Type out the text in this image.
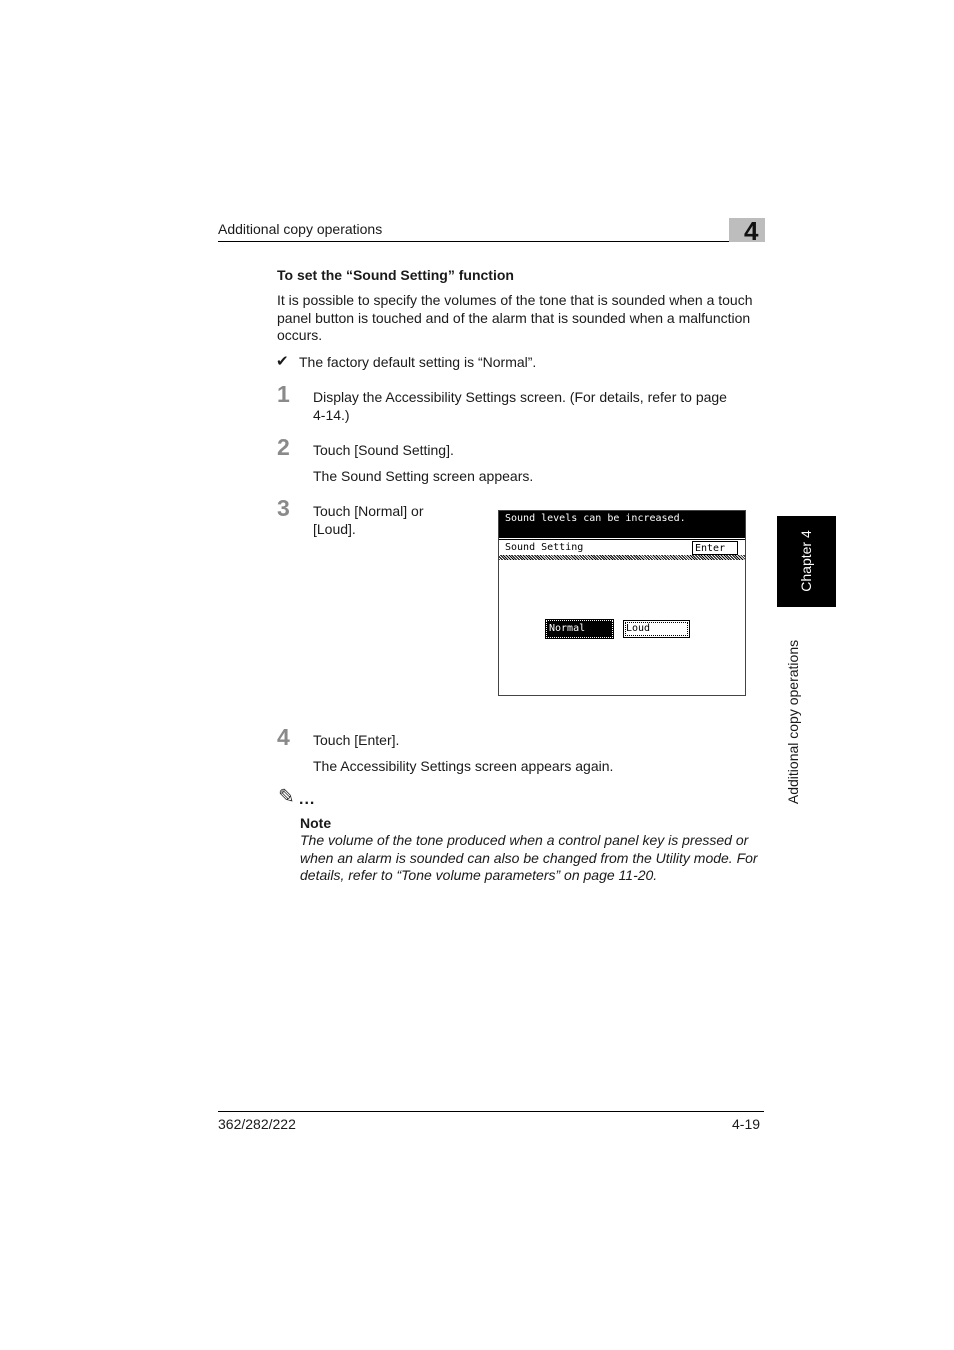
Additional copy operations	4
To set the “Sound Setting” function
It is possible to specify the volumes of the tone that is sounded when a touch panel button is touched and of the alarm that is sounded when a malfunction occurs.
✔ The factory default setting is “Normal”.
1 Display the Accessibility Settings screen. (For details, refer to page 4-14.)
2 Touch [Sound Setting].
The Sound Setting screen appears.
3 Touch [Normal] or [Loud].
Sound levels can be increased.
Sound Setting	Enter
Normal	Loud
4 Touch [Enter].
The Accessibility Settings screen appears again.
✎ ...
Note
The volume of the tone produced when a control panel key is pressed or when an alarm is sounded can also be changed from the Utility mode. For details, refer to “Tone volume parameters” on page 11-20.
362/282/222	4-19
Chapter 4
Additional copy operations
